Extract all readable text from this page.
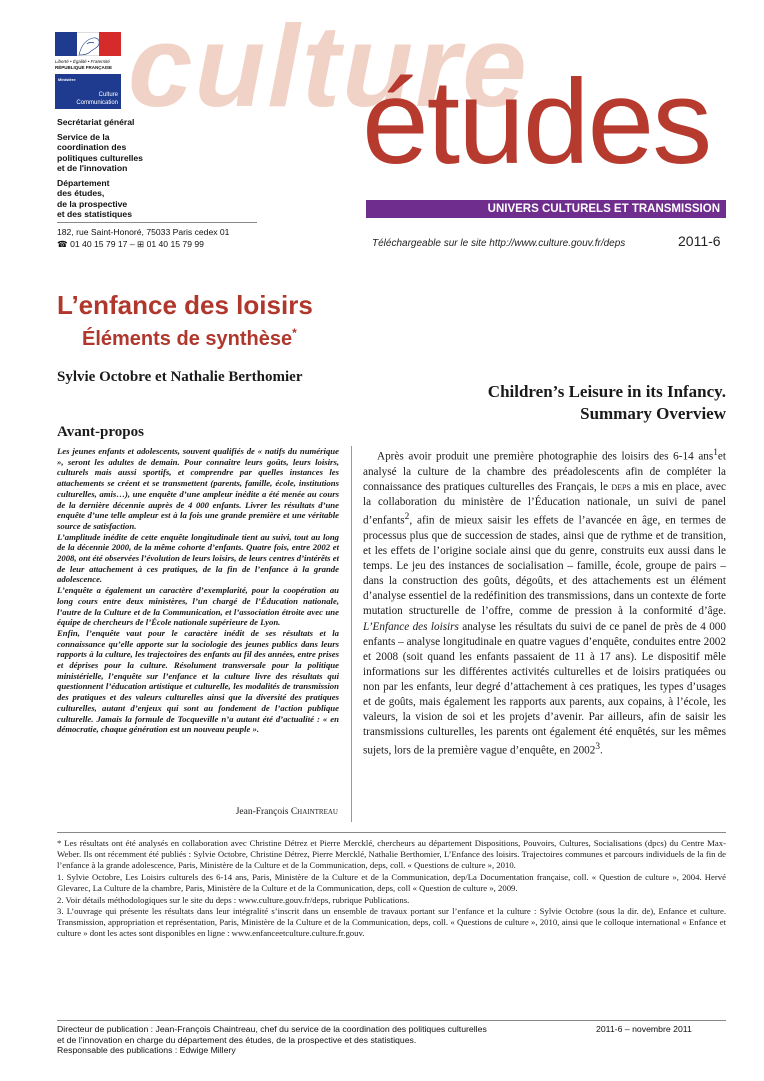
Liberté • Égalité • Fraternité
RÉPUBLIQUE FRANÇAISE
Ministère
Culture
Communication culture
études
Secrétariat général
Service de la
coordination des
politiques culturelles
et de l'innovation
Département
des études,
de la prospective
et des statistiques
182, rue Saint-Honoré, 75033 Paris cedex 01
☎ 01 40 15 79 17 – ⊞ 01 40 15 79 99
UNIVERS CULTURELS ET TRANSMISSION
Téléchargeable sur le site http://www.culture.gouv.fr/deps	2011-6
L’enfance des loisirs
Éléments de synthèse*
Sylvie Octobre et Nathalie Berthomier
Children’s Leisure in its Infancy.
Summary Overview
Avant-propos

Les jeunes enfants et adolescents, souvent qualifiés de « natifs du numérique », seront les adultes de demain. Pour connaître leurs goûts, leurs loisirs, culturels mais aussi sportifs, et comprendre par quelles instances les attachements se créent et se transmettent (parents, famille, école, institutions culturelles, amis…), une enquête d’une ampleur inédite a été menée au cours de la dernière décennie auprès de 4 000 enfants. Livrer les résultats d’une enquête d’une telle ampleur est à la fois une grande première et une véritable source de satisfaction.

L’amplitude inédite de cette enquête longitudinale tient au suivi, tout au long de la décennie 2000, de la même cohorte d’enfants. Quatre fois, entre 2002 et 2008, ont été observées l’évolution de leurs loisirs, de leurs centres d’intérêts et de leur attachement à ces pratiques, de la fin de l’enfance à la grande adolescence.

L’enquête a également un caractère d’exemplarité, pour la coopération au long cours entre deux ministères, l’un chargé de l’Éducation nationale, l’autre de la Culture et de la Communication, et l’association étroite avec une équipe de chercheurs de l’École nationale supérieure de Lyon.

Enfin, l’enquête vaut pour le caractère inédit de ses résultats et la connaissance qu’elle apporte sur la sociologie des jeunes publics dans leurs rapports à la culture, les trajectoires des enfants au fil des années, entre prises et déprises pour la culture. Résolument transversale pour la politique ministérielle, l’enquête sur l’enfance et la culture livre des résultats qui questionnent l’éducation artistique et culturelle, les modalités de transmission des pratiques et des valeurs culturelles ainsi que la diversité des pratiques culturelles, autant d’enjeux qui sont au fondement de l’action publique culturelle. Jamais la formule de Tocqueville n’a autant été d’actualité : « en démocratie, chaque génération est un nouveau peuple ».

Jean-François Chaintreau
Après avoir produit une première photographie des loisirs des 6-14 ans$^1$et analysé la culture de la chambre des préadolescents afin de compléter la connaissance des pratiques culturelles des Français, le deps a mis en place, avec la collaboration du ministère de l’Éducation nationale, un suivi de panel d’enfants$^2$, afin de mieux saisir les effets de l’avancée en âge, en termes de processus plus que de succession de stades, ainsi que de rythme et de transition, et les effets de l’origine sociale ainsi que du genre, construits eux aussi dans le temps. Le jeu des instances de socialisation – famille, école, groupe de pairs – dans la construction des goûts, dégoûts, et des attachements est un élément d’analyse essentiel de la redéfinition des transmissions, dans un contexte de forte mutation structurelle de l’offre, comme de pression à la conformité d’âge. L’Enfance des loisirs analyse les résultats du suivi de ce panel de près de 4 000 enfants – analyse longitudinale en quatre vagues d’enquête, conduites entre 2002 et 2008 (soit quand les enfants passaient de 11 à 17 ans). Le dispositif mêle informations sur les différentes activités culturelles et de loisirs pratiquées ou non par les enfants, leur degré d’attachement à ces pratiques, les types d’usages et de goûts, mais également les rapports aux parents, aux copains, à l’école, les valeurs, la vision de soi et les projets d’avenir. Par ailleurs, afin de saisir les transmissions culturelles, les parents ont également été enquêtés, sur les mêmes sujets, lors de la première vague d’enquête, en 2002$^3$.

* Les résultats ont été analysés en collaboration avec Christine Détrez et Pierre Mercklé, chercheurs au département Dispositions, Pouvoirs, Cultures, Socialisations (dpcs) du Centre Max-Weber. Ils ont récemment été publiés : Sylvie Octobre, Christine Détrez, Pierre Mercklé, Nathalie Berthomier, L’Enfance des loisirs. Trajectoires communes et parcours individuels de la fin de l’enfance à la grande adolescence, Paris, Ministère de la Culture et de la Communication, deps, coll. « Questions de culture », 2010.

1. Sylvie Octobre, Les Loisirs culturels des 6-14 ans, Paris, Ministère de la Culture et de la Communication, dep/La Documentation française, coll. « Question de culture », 2004. Hervé Glevarec, La Culture de la chambre, Paris, Ministère de la Culture et de la Communication, deps, coll « Question de culture », 2009.

2. Voir détails méthodologiques sur le site du deps : www.culture.gouv.fr/deps, rubrique Publications.

3. L’ouvrage qui présente les résultats dans leur intégralité s’inscrit dans un ensemble de travaux portant sur l’enfance et la culture : Sylvie Octobre (sous la dir. de), Enfance et culture. Transmission, appropriation et représentation, Paris, Ministère de la Culture et de la Communication, deps, coll. « Questions de culture », 2010, ainsi que le colloque international « Enfance et culture » dont les actes sont disponibles en ligne : www.enfanceetculture.culture.fr.gouv.

Directeur de publication : Jean-François Chaintreau, chef du service de la coordination des politiques culturelles
et de l’innovation en charge du département des études, de la prospective et des statistiques.
Responsable des publications : Edwige Millery
2011-6 – novembre 2011
